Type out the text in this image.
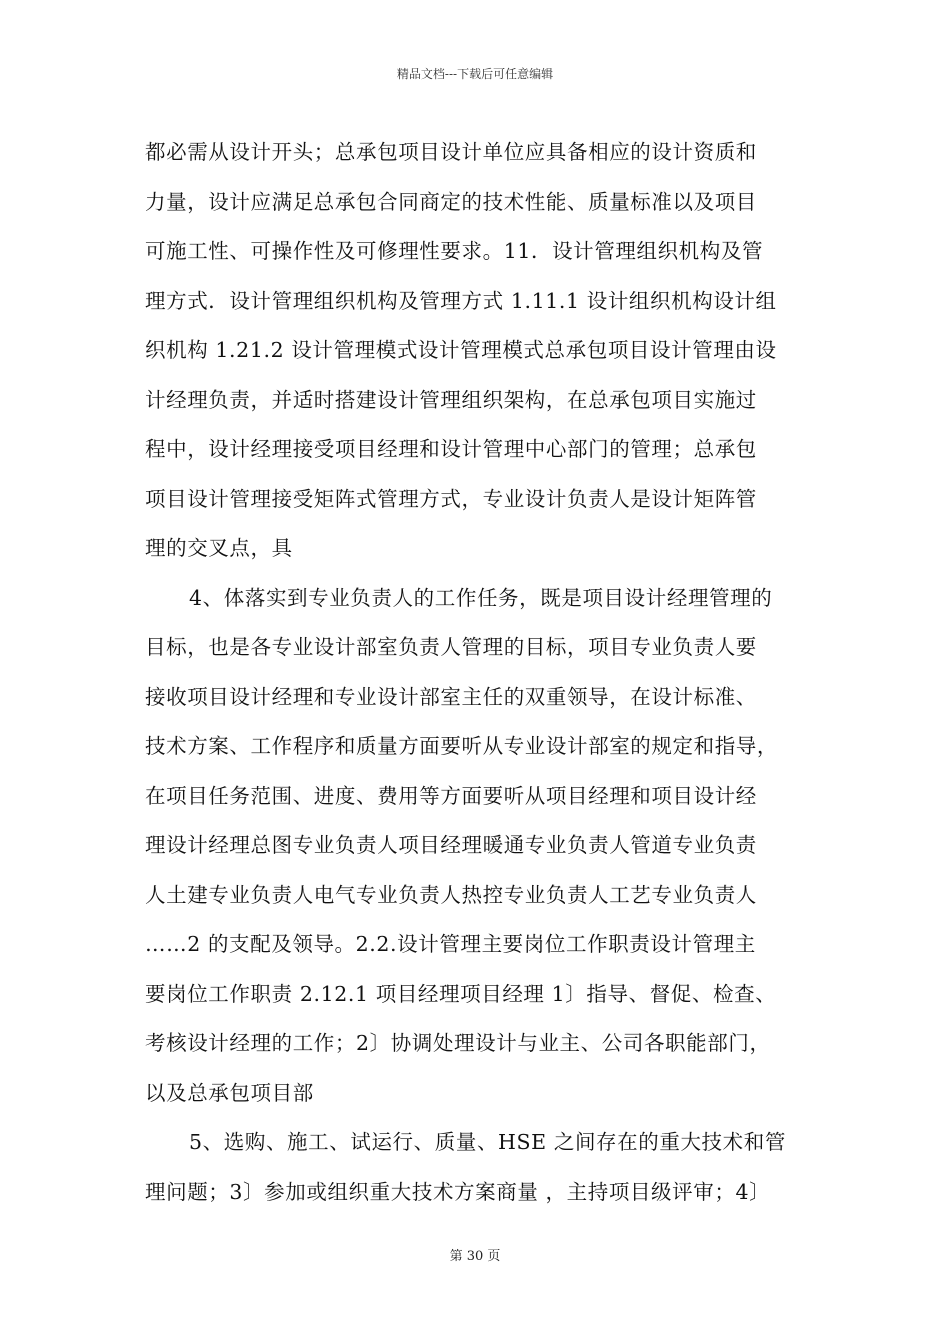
精品文档---下载后可任意编辑
都必需从设计开头；总承包项目设计单位应具备相应的设计资质和
力量，设计应满足总承包合同商定的技术性能、质量标准以及项目
可施工性、可操作性及可修理性要求。11．设计管理组织机构及管
理方式．设计管理组织机构及管理方式 1.11.1 设计组织机构设计组
织机构 1.21.2 设计管理模式设计管理模式总承包项目设计管理由设
计经理负责，并适时搭建设计管理组织架构，在总承包项目实施过
程中，设计经理接受项目经理和设计管理中心部门的管理；总承包
项目设计管理接受矩阵式管理方式，专业设计负责人是设计矩阵管
理的交叉点，具
4、体落实到专业负责人的工作任务，既是项目设计经理管理的
目标，也是各专业设计部室负责人管理的目标，项目专业负责人要
接收项目设计经理和专业设计部室主任的双重领导，在设计标准、
技术方案、工作程序和质量方面要听从专业设计部室的规定和指导，
在项目任务范围、进度、费用等方面要听从项目经理和项目设计经
理设计经理总图专业负责人项目经理暖通专业负责人管道专业负责
人土建专业负责人电气专业负责人热控专业负责人工艺专业负责人
……2 的支配及领导。2.2.设计管理主要岗位工作职责设计管理主
要岗位工作职责 2.12.1 项目经理项目经理 1〕指导、督促、检查、
考核设计经理的工作；2〕协调处理设计与业主、公司各职能部门，
以及总承包项目部
5、选购、施工、试运行、质量、HSE 之间存在的重大技术和管
理问题；3〕参加或组织重大技术方案商量 ，主持项目级评审；4〕
第 30 页
